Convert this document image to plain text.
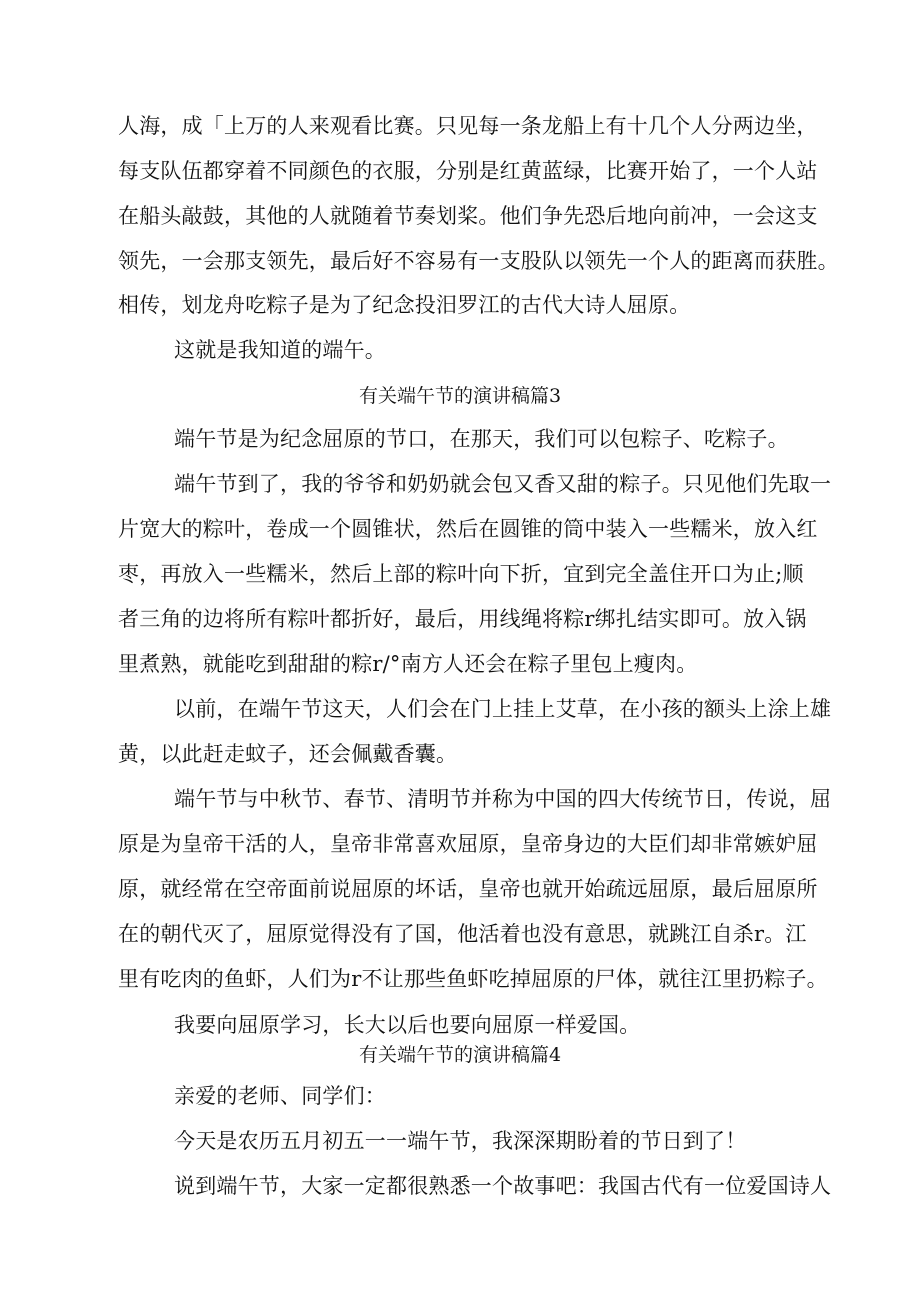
人海，成「上万的人来观看比赛。只见每一条龙船上有十几个人分两边坐，
每支队伍都穿着不同颜色的衣服，分别是红黄蓝绿，比赛开始了，一个人站
在船头敲鼓，其他的人就随着节奏划桨。他们争先恐后地向前冲，一会这支
领先，一会那支领先，最后好不容易有一支股队以领先一个人的距离而获胜。
相传，划龙舟吃粽子是为了纪念投汨罗江的古代大诗人屈原。
这就是我知道的端午。
有关端午节的演讲稿篇3
端午节是为纪念屈原的节口，在那天，我们可以包粽子、吃粽子。
端午节到了，我的爷爷和奶奶就会包又香又甜的粽子。只见他们先取一
片宽大的粽叶，卷成一个圆锥状，然后在圆锥的筒中装入一些糯米，放入红
枣，再放入一些糯米，然后上部的粽叶向下折，宜到完全盖住开口为止;顺
者三角的边将所有粽叶都折好，最后，用线绳将粽r绑扎结实即可。放入锅
里煮熟，就能吃到甜甜的粽r/°南方人还会在粽子里包上瘦肉。
以前，在端午节这天，人们会在门上挂上艾草，在小孩的额头上涂上雄
黄，以此赶走蚊子，还会佩戴香囊。
端午节与中秋节、春节、清明节并称为中国的四大传统节日，传说，屈
原是为皇帝干活的人，皇帝非常喜欢屈原，皇帝身边的大臣们却非常嫉妒屈
原，就经常在空帝面前说屈原的坏话，皇帝也就开始疏远屈原，最后屈原所
在的朝代灭了，屈原觉得没有了国，他活着也没有意思，就跳江自杀r。江
里有吃肉的鱼虾，人们为r不让那些鱼虾吃掉屈原的尸体，就往江里扔粽子。
我要向屈原学习，长大以后也要向屈原一样爱国。
有关端午节的演讲稿篇4
亲爱的老师、同学们：
今天是农历五月初五一一端午节，我深深期盼着的节日到了！
说到端午节，大家一定都很熟悉一个故事吧：我国古代有一位爱国诗人
